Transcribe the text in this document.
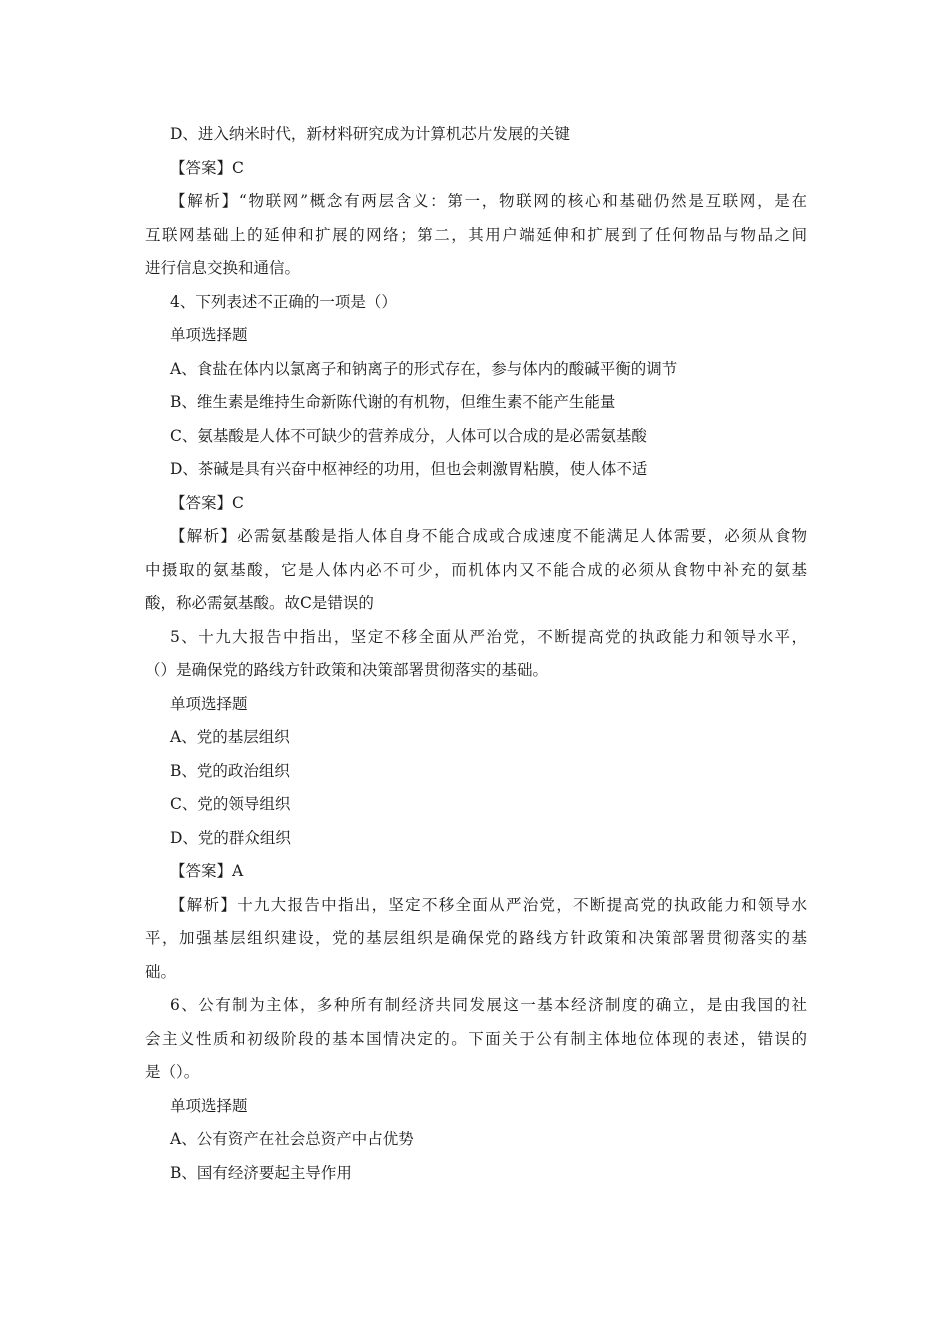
D、进入纳米时代，新材料研究成为计算机芯片发展的关键
【答案】C
【解析】“物联网”概念有两层含义：第一，物联网的核心和基础仍然是互联网，是在
互联网基础上的延伸和扩展的网络；第二，其用户端延伸和扩展到了任何物品与物品之间
进行信息交换和通信。
4、下列表述不正确的一项是（）
单项选择题
A、食盐在体内以氯离子和钠离子的形式存在，参与体内的酸碱平衡的调节
B、维生素是维持生命新陈代谢的有机物，但维生素不能产生能量
C、氨基酸是人体不可缺少的营养成分，人体可以合成的是必需氨基酸
D、茶碱是具有兴奋中枢神经的功用，但也会刺激胃粘膜，使人体不适
【答案】C
【解析】必需氨基酸是指人体自身不能合成或合成速度不能满足人体需要，必须从食物
中摄取的氨基酸，它是人体内必不可少，而机体内又不能合成的必须从食物中补充的氨基
酸，称必需氨基酸。故C是错误的
5、十九大报告中指出，坚定不移全面从严治党，不断提高党的执政能力和领导水平，
（）是确保党的路线方针政策和决策部署贯彻落实的基础。
单项选择题
A、党的基层组织
B、党的政治组织
C、党的领导组织
D、党的群众组织
【答案】A
【解析】十九大报告中指出，坚定不移全面从严治党，不断提高党的执政能力和领导水
平，加强基层组织建设，党的基层组织是确保党的路线方针政策和决策部署贯彻落实的基
础。
6、公有制为主体，多种所有制经济共同发展这一基本经济制度的确立，是由我国的社
会主义性质和初级阶段的基本国情决定的。下面关于公有制主体地位体现的表述，错误的
是（）。
单项选择题
A、公有资产在社会总资产中占优势
B、国有经济要起主导作用
